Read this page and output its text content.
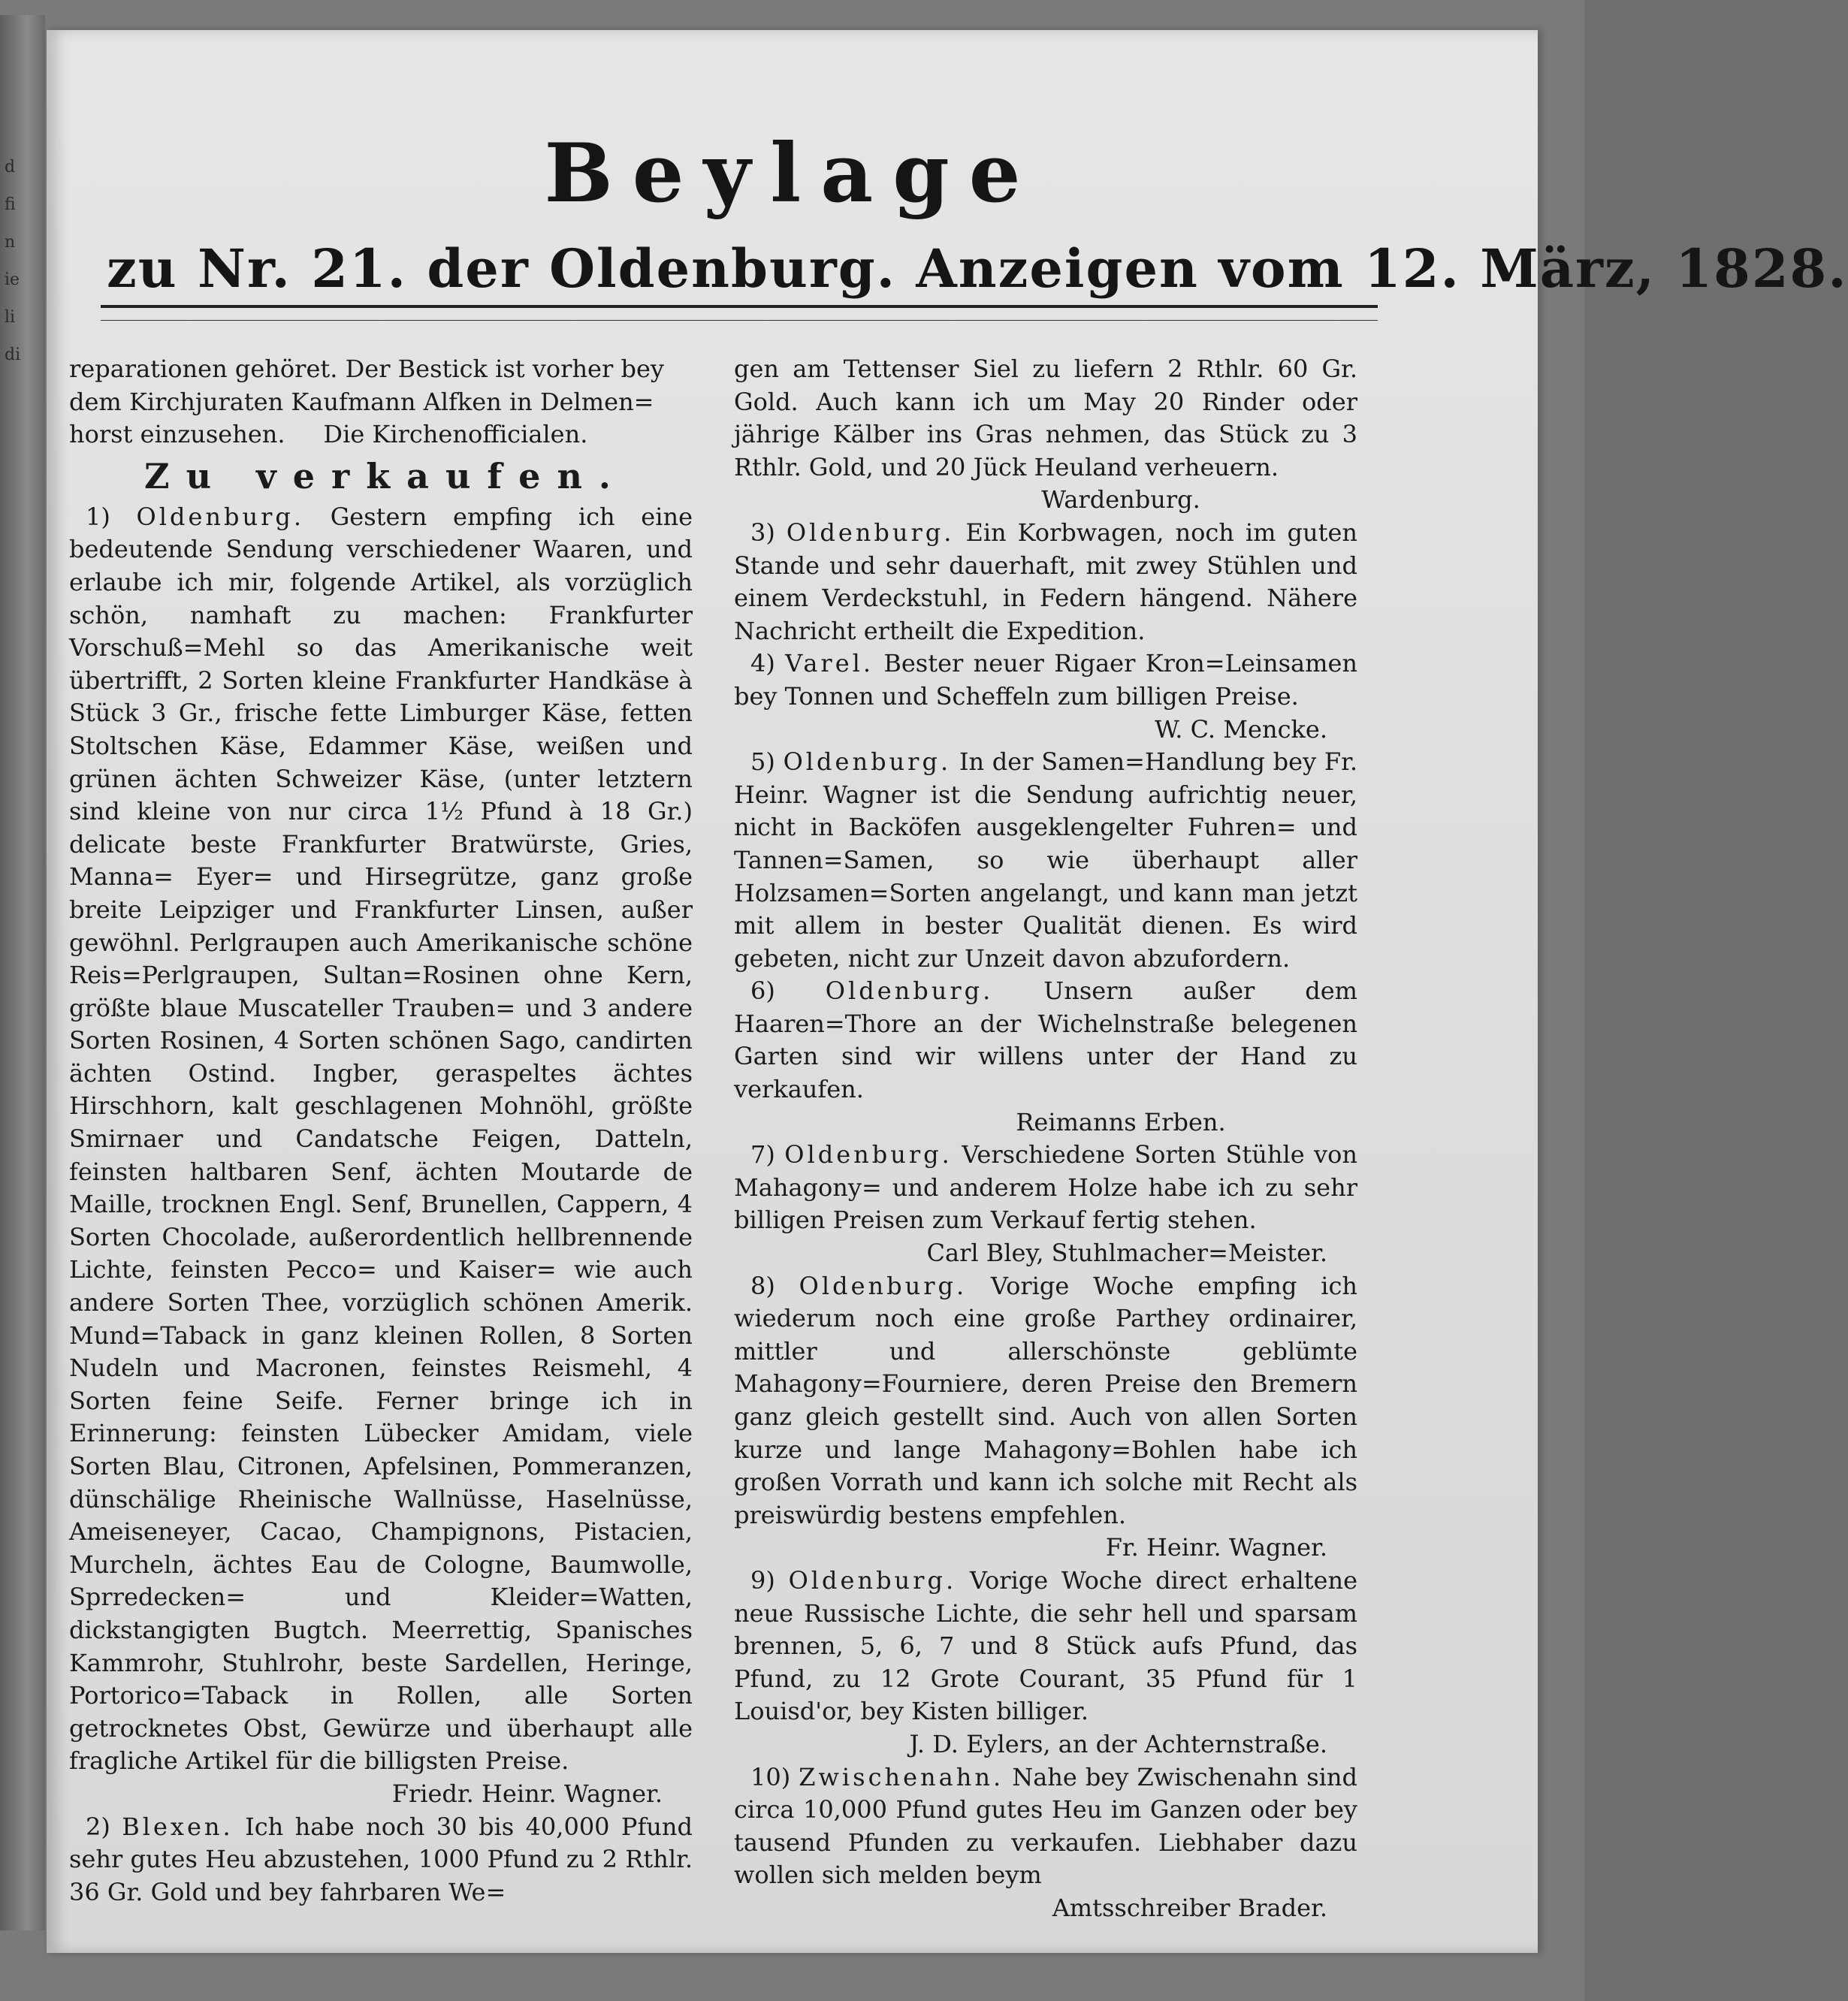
d
fi
n
ie
li
di
Beylage
zu Nr. 21. der Oldenburg. Anzeigen vom 12. März, 1828.

reparationen gehöret. Der Bestick ist vorher bey

dem Kirchjuraten Kaufmann Alfken in Delmen=

horst einzusehen.     Die Kirchenofficialen.

Zu verkaufen.

1) Oldenburg. Gestern empfing ich eine bedeutende Sendung verschiedener Waaren, und erlaube ich mir, folgende Artikel, als vorzüglich schön, namhaft zu machen: Frankfurter Vorschuß=Mehl so das Amerikanische weit übertrifft, 2 Sorten kleine Frankfurter Handkäse à Stück 3 Gr., frische fette Limburger Käse, fetten Stoltschen Käse, Edammer Käse, weißen und grünen ächten Schweizer Käse, (unter letztern sind kleine von nur circa 1½ Pfund à 18 Gr.) delicate beste Frankfurter Bratwürste, Gries, Manna= Eyer= und Hirsegrütze, ganz große breite Leipziger und Frankfurter Linsen, außer gewöhnl. Perlgraupen auch Amerikanische schöne Reis=Perlgraupen, Sultan=Rosinen ohne Kern, größte blaue Muscateller Trauben= und 3 andere Sorten Rosinen, 4 Sorten schönen Sago, candirten ächten Ostind. Ingber, geraspeltes ächtes Hirschhorn, kalt geschlagenen Mohnöhl, größte Smirnaer und Candatsche Feigen, Datteln, feinsten haltbaren Senf, ächten Moutarde de Maille, trocknen Engl. Senf, Brunellen, Cappern, 4 Sorten Chocolade, außerordentlich hellbrennende Lichte, feinsten Pecco= und Kaiser= wie auch andere Sorten Thee, vorzüglich schönen Amerik. Mund=Taback in ganz kleinen Rollen, 8 Sorten Nudeln und Macronen, feinstes Reismehl, 4 Sorten feine Seife. Ferner bringe ich in Erinnerung: feinsten Lübecker Amidam, viele Sorten Blau, Citronen, Apfelsinen, Pommeranzen, dünschälige Rheinische Wallnüsse, Haselnüsse, Ameiseneyer, Cacao, Champignons, Pistacien, Murcheln, ächtes Eau de Cologne, Baumwolle, Sprredecken= und Kleider=Watten, dickstangigten Bugtch. Meerrettig, Spanisches Kammrohr, Stuhlrohr, beste Sardellen, Heringe, Portorico=Taback in Rollen, alle Sorten getrocknetes Obst, Gewürze und überhaupt alle fragliche Artikel für die billigsten Preise.

Friedr. Heinr. Wagner.

2) Blexen. Ich habe noch 30 bis 40,000 Pfund sehr gutes Heu abzustehen, 1000 Pfund zu 2 Rthlr. 36 Gr. Gold und bey fahrbaren We=

gen am Tettenser Siel zu liefern 2 Rthlr. 60 Gr. Gold. Auch kann ich um May 20 Rinder oder jährige Kälber ins Gras nehmen, das Stück zu 3 Rthlr. Gold, und 20 Jück Heuland verheuern.

Wardenburg.

3) Oldenburg. Ein Korbwagen, noch im guten Stande und sehr dauerhaft, mit zwey Stühlen und einem Verdeckstuhl, in Federn hängend. Nähere Nachricht ertheilt die Expedition.

4) Varel. Bester neuer Rigaer Kron=Leinsamen bey Tonnen und Scheffeln zum billigen Preise.

W. C. Mencke.

5) Oldenburg. In der Samen=Handlung bey Fr. Heinr. Wagner ist die Sendung aufrichtig neuer, nicht in Backöfen ausgeklengelter Fuhren= und Tannen=Samen, so wie überhaupt aller Holzsamen=Sorten angelangt, und kann man jetzt mit allem in bester Qualität dienen. Es wird gebeten, nicht zur Unzeit davon abzufordern.

6) Oldenburg. Unsern außer dem Haaren=Thore an der Wichelnstraße belegenen Garten sind wir willens unter der Hand zu verkaufen.

Reimanns Erben.

7) Oldenburg. Verschiedene Sorten Stühle von Mahagony= und anderem Holze habe ich zu sehr billigen Preisen zum Verkauf fertig stehen.

Carl Bley, Stuhlmacher=Meister.

8) Oldenburg. Vorige Woche empfing ich wiederum noch eine große Parthey ordinairer, mittler und allerschönste geblümte Mahagony=Fourniere, deren Preise den Bremern ganz gleich gestellt sind. Auch von allen Sorten kurze und lange Mahagony=Bohlen habe ich großen Vorrath und kann ich solche mit Recht als preiswürdig bestens empfehlen.

Fr. Heinr. Wagner.

9) Oldenburg. Vorige Woche direct erhaltene neue Russische Lichte, die sehr hell und sparsam brennen, 5, 6, 7 und 8 Stück aufs Pfund, das Pfund, zu 12 Grote Courant, 35 Pfund für 1 Louisd'or, bey Kisten billiger.

J. D. Eylers, an der Achternstraße.

10) Zwischenahn. Nahe bey Zwischenahn sind circa 10,000 Pfund gutes Heu im Ganzen oder bey tausend Pfunden zu verkaufen. Liebhaber dazu wollen sich melden beym

Amtsschreiber Brader.
